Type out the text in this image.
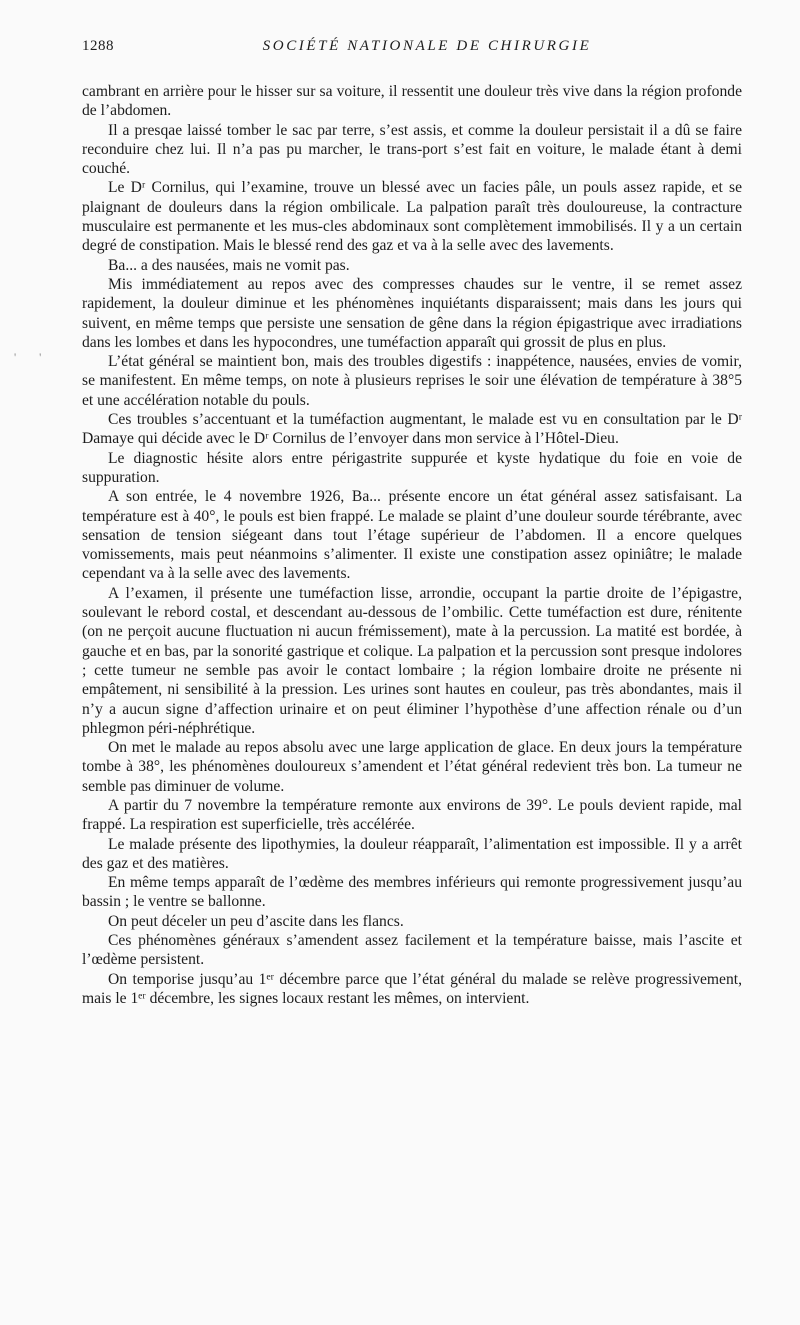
1288	SOCIÉTÉ NATIONALE DE CHIRURGIE
' '

cambrant en arrière pour le hisser sur sa voiture, il ressentit une douleur très vive dans la région profonde de l’abdomen.

Il a presqae laissé tomber le sac par terre, s’est assis, et comme la douleur persistait il a dû se faire reconduire chez lui. Il n’a pas pu marcher, le trans-port s’est fait en voiture, le malade étant à demi couché.

Le Dʳ Cornilus, qui l’examine, trouve un blessé avec un facies pâle, un pouls assez rapide, et se plaignant de douleurs dans la région ombilicale. La palpation paraît très douloureuse, la contracture musculaire est permanente et les mus-cles abdominaux sont complètement immobilisés. Il y a un certain degré de constipation. Mais le blessé rend des gaz et va à la selle avec des lavements.

Ba... a des nausées, mais ne vomit pas.

Mis immédiatement au repos avec des compresses chaudes sur le ventre, il se remet assez rapidement, la douleur diminue et les phénomènes inquiétants disparaissent; mais dans les jours qui suivent, en même temps que persiste une sensation de gêne dans la région épigastrique avec irradiations dans les lombes et dans les hypocondres, une tuméfaction apparaît qui grossit de plus en plus.

L’état général se maintient bon, mais des troubles digestifs : inappétence, nausées, envies de vomir, se manifestent. En même temps, on note à plusieurs reprises le soir une élévation de température à 38°5 et une accélération notable du pouls.

Ces troubles s’accentuant et la tuméfaction augmentant, le malade est vu en consultation par le Dʳ Damaye qui décide avec le Dʳ Cornilus de l’envoyer dans mon service à l’Hôtel-Dieu.

Le diagnostic hésite alors entre périgastrite suppurée et kyste hydatique du foie en voie de suppuration.

A son entrée, le 4 novembre 1926, Ba... présente encore un état général assez satisfaisant. La température est à 40°, le pouls est bien frappé. Le malade se plaint d’une douleur sourde térébrante, avec sensation de tension siégeant dans tout l’étage supérieur de l’abdomen. Il a encore quelques vomissements, mais peut néanmoins s’alimenter. Il existe une constipation assez opiniâtre; le malade cependant va à la selle avec des lavements.

A l’examen, il présente une tuméfaction lisse, arrondie, occupant la partie droite de l’épigastre, soulevant le rebord costal, et descendant au-dessous de l’ombilic. Cette tuméfaction est dure, rénitente (on ne perçoit aucune fluctuation ni aucun frémissement), mate à la percussion. La matité est bordée, à gauche et en bas, par la sonorité gastrique et colique. La palpation et la percussion sont presque indolores ; cette tumeur ne semble pas avoir le contact lombaire ; la région lombaire droite ne présente ni empâtement, ni sensibilité à la pression. Les urines sont hautes en couleur, pas très abondantes, mais il n’y a aucun signe d’affection urinaire et on peut éliminer l’hypothèse d’une affection rénale ou d’un phlegmon péri-néphrétique.

On met le malade au repos absolu avec une large application de glace. En deux jours la température tombe à 38°, les phénomènes douloureux s’amendent et l’état général redevient très bon. La tumeur ne semble pas diminuer de volume.

A partir du 7 novembre la température remonte aux environs de 39°. Le pouls devient rapide, mal frappé. La respiration est superficielle, très accélérée.

Le malade présente des lipothymies, la douleur réapparaît, l’alimentation est impossible. Il y a arrêt des gaz et des matières.

En même temps apparaît de l’œdème des membres inférieurs qui remonte progressivement jusqu’au bassin ; le ventre se ballonne.

On peut déceler un peu d’ascite dans les flancs.

Ces phénomènes généraux s’amendent assez facilement et la température baisse, mais l’ascite et l’œdème persistent.

On temporise jusqu’au 1ᵉʳ décembre parce que l’état général du malade se relève progressivement, mais le 1ᵉʳ décembre, les signes locaux restant les mêmes, on intervient.
